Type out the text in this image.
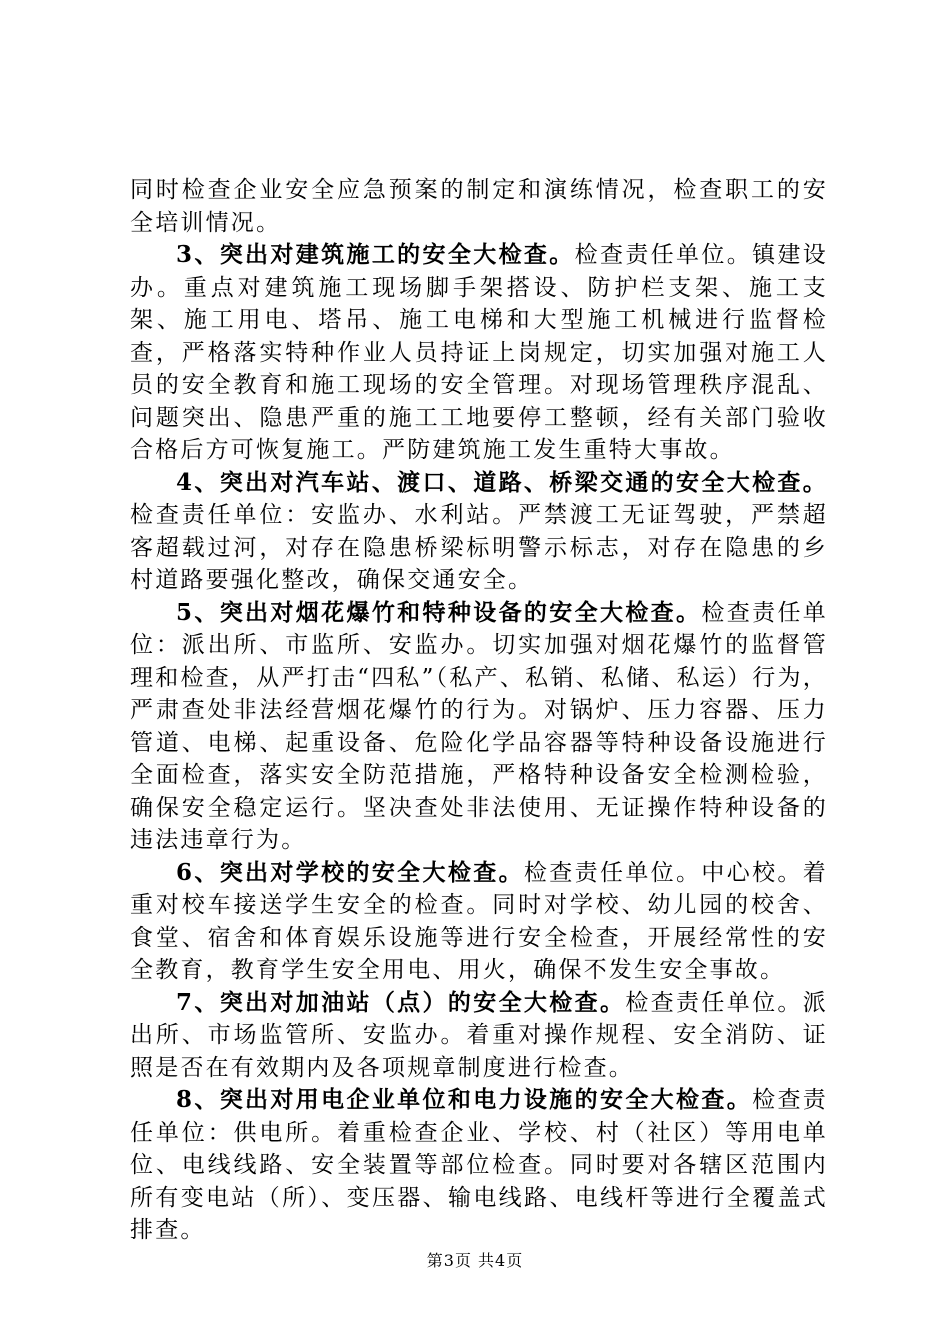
同时检查企业安全应急预案的制定和演练情况，检查职工的安全培训情况。

3、突出对建筑施工的安全大检查。检查责任单位。镇建设办。重点对建筑施工现场脚手架搭设、防护栏支架、施工支架、施工用电、塔吊、施工电梯和大型施工机械进行监督检查，严格落实特种作业人员持证上岗规定，切实加强对施工人员的安全教育和施工现场的安全管理。对现场管理秩序混乱、问题突出、隐患严重的施工工地要停工整顿，经有关部门验收合格后方可恢复施工。严防建筑施工发生重特大事故。

4、突出对汽车站、渡口、道路、桥梁交通的安全大检查。检查责任单位：安监办、水利站。严禁渡工无证驾驶，严禁超客超载过河，对存在隐患桥梁标明警示标志，对存在隐患的乡村道路要强化整改，确保交通安全。

5、突出对烟花爆竹和特种设备的安全大检查。检查责任单位：派出所、市监所、安监办。切实加强对烟花爆竹的监督管理和检查，从严打击“四私”（私产、私销、私储、私运）行为，严肃查处非法经营烟花爆竹的行为。对锅炉、压力容器、压力管道、电梯、起重设备、危险化学品容器等特种设备设施进行全面检查，落实安全防范措施，严格特种设备安全检测检验，确保安全稳定运行。坚决查处非法使用、无证操作特种设备的违法违章行为。

6、突出对学校的安全大检查。检查责任单位。中心校。着重对校车接送学生安全的检查。同时对学校、幼儿园的校舍、食堂、宿舍和体育娱乐设施等进行安全检查，开展经常性的安全教育，教育学生安全用电、用火，确保不发生安全事故。

7、突出对加油站（点）的安全大检查。检查责任单位。派出所、市场监管所、安监办。着重对操作规程、安全消防、证照是否在有效期内及各项规章制度进行检查。

8、突出对用电企业单位和电力设施的安全大检查。检查责任单位：供电所。着重检查企业、学校、村（社区）等用电单位、电线线路、安全装置等部位检查。同时要对各辖区范围内所有变电站（所）、变压器、输电线路、电线杆等进行全覆盖式排查。

第3页 共4页
